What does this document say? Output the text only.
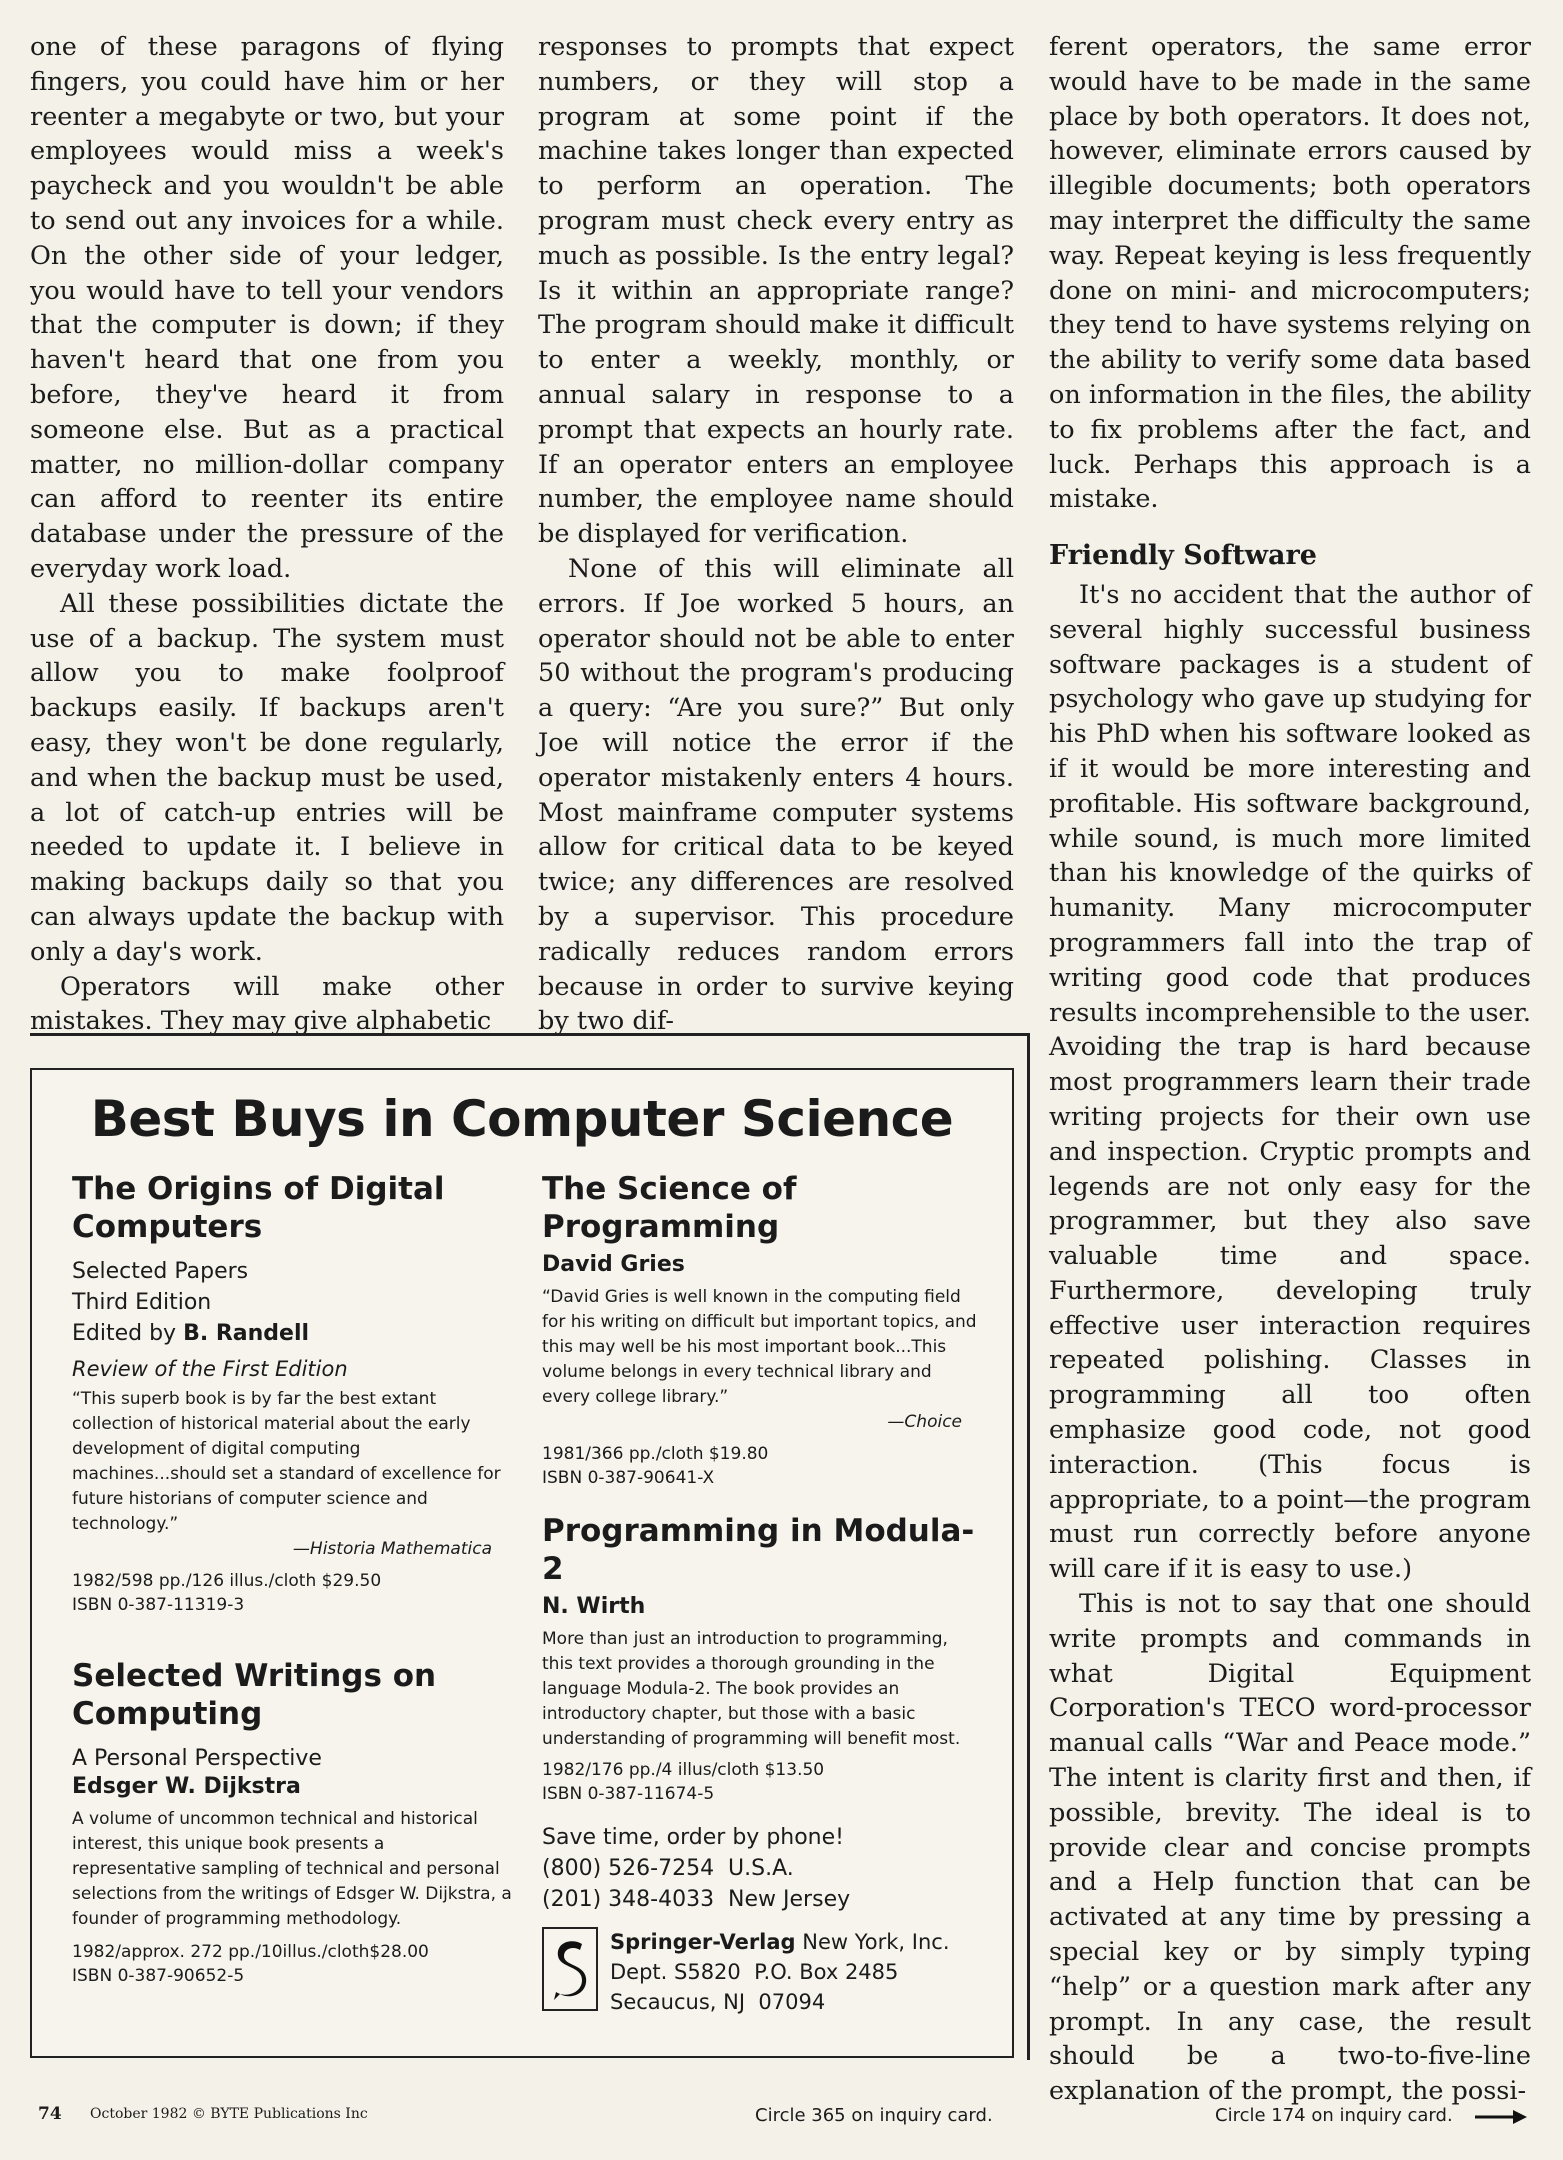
one of these paragons of flying fingers, you could have him or her reenter a megabyte or two, but your employees would miss a week's paycheck and you wouldn't be able to send out any invoices for a while. On the other side of your ledger, you would have to tell your vendors that the computer is down; if they haven't heard that one from you before, they've heard it from someone else. But as a practical matter, no million-dollar company can afford to reenter its entire database under the pressure of the everyday work load.

All these possibilities dictate the use of a backup. The system must allow you to make foolproof backups easily. If backups aren't easy, they won't be done regularly, and when the backup must be used, a lot of catch-up entries will be needed to update it. I believe in making backups daily so that you can always update the backup with only a day's work.

Operators will make other mistakes. They may give alphabetic

responses to prompts that expect numbers, or they will stop a program at some point if the machine takes longer than expected to perform an operation. The program must check every entry as much as possible. Is the entry legal? Is it within an appropriate range? The program should make it difficult to enter a weekly, monthly, or annual salary in response to a prompt that expects an hourly rate. If an operator enters an employee number, the employee name should be displayed for verification.

None of this will eliminate all errors. If Joe worked 5 hours, an operator should not be able to enter 50 without the program's producing a query: “Are you sure?” But only Joe will notice the error if the operator mistakenly enters 4 hours. Most mainframe computer systems allow for critical data to be keyed twice; any differences are resolved by a supervisor. This procedure radically reduces random errors because in order to survive keying by two dif-

ferent operators, the same error would have to be made in the same place by both operators. It does not, however, eliminate errors caused by illegible documents; both operators may interpret the difficulty the same way. Repeat keying is less frequently done on mini- and microcomputers; they tend to have systems relying on the ability to verify some data based on information in the files, the ability to fix problems after the fact, and luck. Perhaps this approach is a mistake.

Friendly Software

It's no accident that the author of several highly successful business software packages is a student of psychology who gave up studying for his PhD when his software looked as if it would be more interesting and profitable. His software background, while sound, is much more limited than his knowledge of the quirks of humanity. Many microcomputer programmers fall into the trap of writing good code that produces results incomprehensible to the user. Avoiding the trap is hard because most programmers learn their trade writing projects for their own use and inspection. Cryptic prompts and legends are not only easy for the programmer, but they also save valuable time and space. Furthermore, developing truly effective user interaction requires repeated polishing. Classes in programming all too often emphasize good code, not good interaction. (This focus is appropriate, to a point—the program must run correctly before anyone will care if it is easy to use.)

This is not to say that one should write prompts and commands in what Digital Equipment Corporation's TECO word-processor manual calls “War and Peace mode.” The intent is clarity first and then, if possible, brevity. The ideal is to provide clear and concise prompts and a Help function that can be activated at any time by pressing a special key or by simply typing “help” or a question mark after any prompt. In any case, the result should be a two-to-five-line explanation of the prompt, the possi-

Best Buys in Computer Science

The Origins of Digital Computers

Selected Papers

Third Edition

Edited by B. Randell

Review of the First Edition

“This superb book is by far the best extant collection of historical material about the early development of digital computing machines...should set a standard of excellence for future historians of computer science and technology.”

—Historia Mathematica

1982/598 pp./126 illus./cloth $29.50

ISBN 0-387-11319-3

Selected Writings on Computing

A Personal Perspective

Edsger W. Dijkstra

A volume of uncommon technical and historical interest, this unique book presents a representative sampling of technical and personal selections from the writings of Edsger W. Dijkstra, a founder of programming methodology.

1982/approx. 272 pp./10illus./cloth$28.00

ISBN 0-387-90652-5

The Science of Programming

David Gries

“David Gries is well known in the computing field for his writing on difficult but important topics, and this may well be his most important book...This volume belongs in every technical library and every college library.”

—Choice

1981/366 pp./cloth $19.80

ISBN 0-387-90641-X

Programming in Modula-2

N. Wirth

More than just an introduction to programming, this text provides a thorough grounding in the language Modula-2. The book provides an introductory chapter, but those with a basic understanding of programming will benefit most.

1982/176 pp./4 illus/cloth $13.50

ISBN 0-387-11674-5

Save time, order by phone!

(800) 526-7254  U.S.A.

(201) 348-4033  New Jersey

Springer-Verlag New York, Inc.

Dept. S5820  P.O. Box 2485

Secaucus, NJ  07094

74 October 1982 © BYTE Publications Inc	Circle 365 on inquiry card.	Circle 174 on inquiry card.
